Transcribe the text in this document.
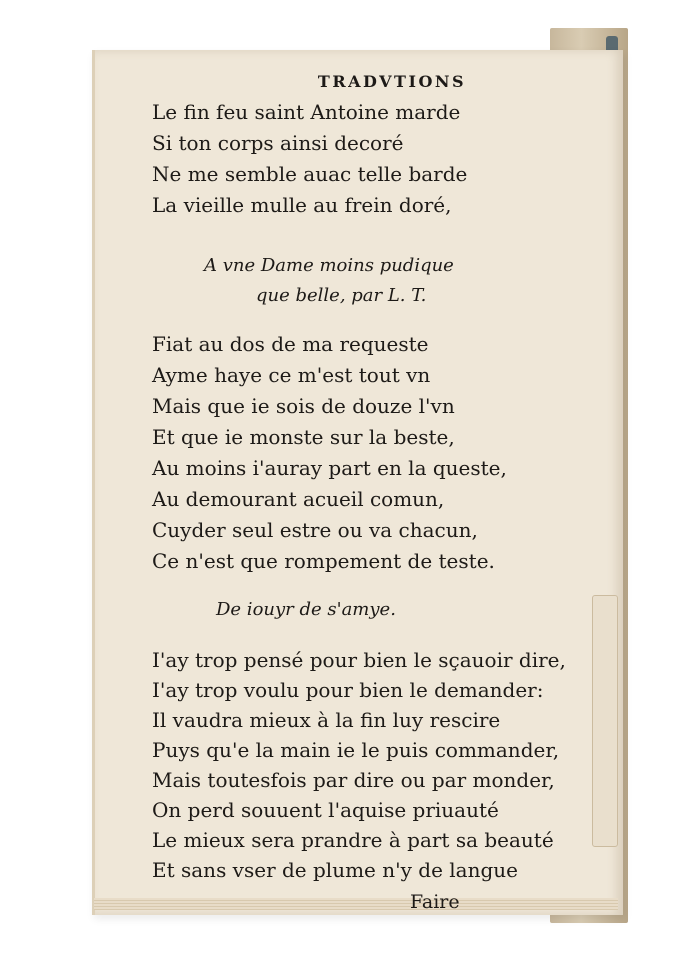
TRADVTIONS
Le fin feu saint Antoine marde
Si ton corps ainsi decoré
Ne me semble auac telle barde
La vieille mulle au frein doré,
A vne Dame moins pudique
que belle, par L. T.
Fiat au dos de ma requeste
Ayme haye ce m'est tout vn
Mais que ie sois de douze l'vn
Et que ie monste sur la beste,
Au moins i'auray part en la queste,
Au demourant acueil comun,
Cuyder seul estre ou va chacun,
Ce n'est que rompement de teste.
De iouyr de s'amye.
I'ay trop pensé pour bien le sçauoir dire,
I'ay trop voulu pour bien le demander:
Il vaudra mieux à la fin luy rescire
Puys qu'e la main ie le puis commander,
Mais toutesfois par dire ou par monder,
On perd souuent l'aquise priuauté
Le mieux sera prandre à part sa beauté
Et sans vser de plume n'y de langue
Faire
